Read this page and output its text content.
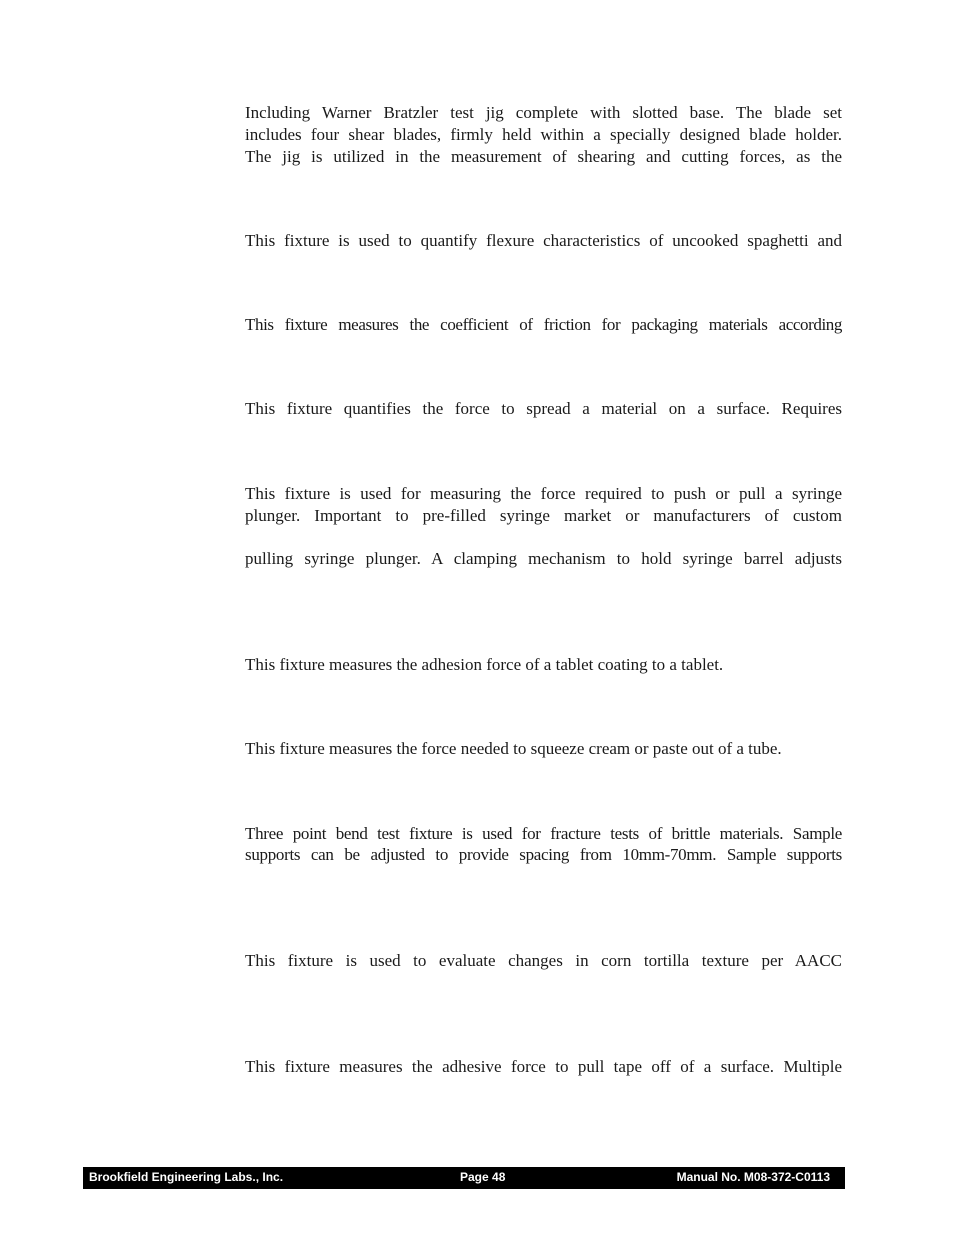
Including Warner Bratzler test jig complete with slotted base. The blade set
includes four shear blades, firmly held within a specially designed blade holder.
The jig is utilized in the measurement of shearing and cutting forces, as the
This fixture is used to quantify flexure characteristics of uncooked spaghetti and
This fixture measures the coefficient of friction for packaging materials according
This fixture quantifies the force to spread a material on a surface. Requires
This fixture is used for measuring the force required to push or pull a syringe
plunger. Important to pre-filled syringe market or manufacturers of custom
pulling syringe plunger. A clamping mechanism to hold syringe barrel adjusts
This fixture measures the adhesion force of a tablet coating to a tablet.
This fixture measures the force needed to squeeze cream or paste out of a tube.
Three point bend test fixture is used for fracture tests of brittle materials. Sample
supports can be adjusted to provide spacing from 10mm-70mm. Sample supports
This fixture is used to evaluate changes in corn tortilla texture per AACC
This fixture measures the adhesive force to pull tape off of a surface. Multiple
Brookfield Engineering Labs., Inc.	Page 48	Manual No. M08-372-C0113
